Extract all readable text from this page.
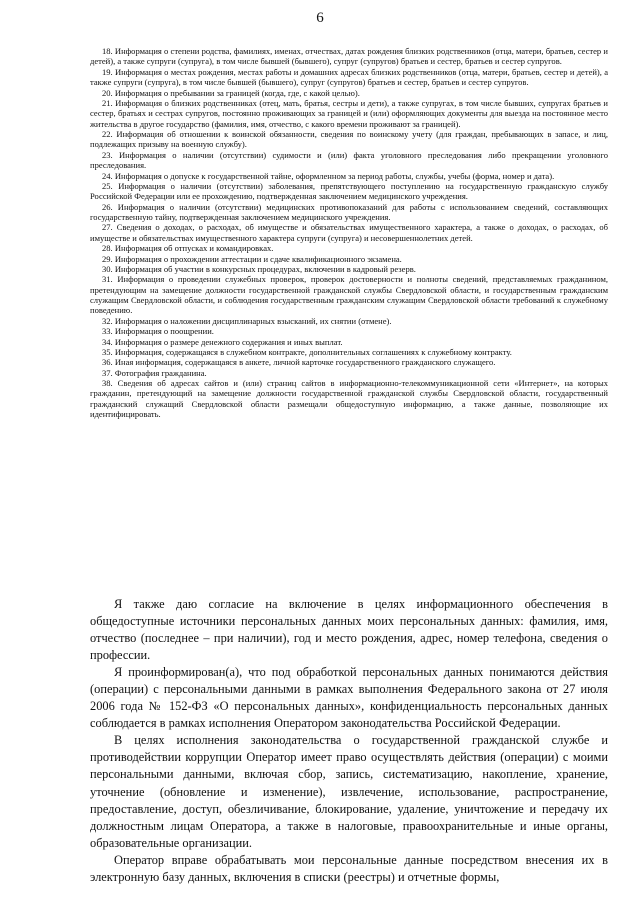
6

18. Информация о степени родства, фамилиях, именах, отчествах, датах рождения близких родственников (отца, матери, братьев, сестер и детей), а также супруги (супруга), в том числе бывшей (бывшего), супруг (супругов) братьев и сестер, братьев и сестер супругов.

19. Информация о местах рождения, местах работы и домашних адресах близких родственников (отца, матери, братьев, сестер и детей), а также супруги (супруга), в том числе бывшей (бывшего), супруг (супругов) братьев и сестер, братьев и сестер супругов.

20. Информация о пребывании за границей (когда, где, с какой целью).

21. Информация о близких родственниках (отец, мать, братья, сестры и дети), а также супругах, в том числе бывших, супругах братьев и сестер, братьях и сестрах супругов, постоянно проживающих за границей и (или) оформляющих документы для выезда на постоянное место жительства в другое государство (фамилия, имя, отчество, с какого времени проживают за границей).

22. Информация об отношении к воинской обязанности, сведения по воинскому учету (для граждан, пребывающих в запасе, и лиц, подлежащих призыву на военную службу).

23. Информация о наличии (отсутствии) судимости и (или) факта уголовного преследования либо прекращении уголовного преследования.

24. Информация о допуске к государственной тайне, оформленном за период работы, службы, учебы (форма, номер и дата).

25. Информация о наличии (отсутствии) заболевания, препятствующего поступлению на государственную гражданскую службу Российской Федерации или ее прохождению, подтвержденная заключением медицинского учреждения.

26. Информация о наличии (отсутствии) медицинских противопоказаний для работы с использованием сведений, составляющих государственную тайну, подтвержденная заключением медицинского учреждения.

27. Сведения о доходах, о расходах, об имуществе и обязательствах имущественного характера, а также о доходах, о расходах, об имуществе и обязательствах имущественного характера супруги (супруга) и несовершеннолетних детей.

28. Информация об отпусках и командировках.

29. Информация о прохождении аттестации и сдаче квалификационного экзамена.

30. Информация об участии в конкурсных процедурах, включении в кадровый резерв.

31. Информация о проведении служебных проверок, проверок достоверности и полноты сведений, представляемых гражданином, претендующим на замещение должности государственной гражданской службы Свердловской области, и государственным гражданским служащим Свердловской области, и соблюдения государственным гражданским служащим Свердловской области требований к служебному поведению.

32. Информация о наложении дисциплинарных взысканий, их снятии (отмене).

33. Информация о поощрении.

34. Информация о размере денежного содержания и иных выплат.

35. Информация, содержащаяся в служебном контракте, дополнительных соглашениях к служебному контракту.

36. Иная информация, содержащаяся в анкете, личной карточке государственного гражданского служащего.

37. Фотография гражданина.

38. Сведения об адресах сайтов и (или) страниц сайтов в информационно-телекоммуникационной сети «Интернет», на которых гражданин, претендующий на замещение должности государственной гражданской службы Свердловской области, государственный гражданский служащий Свердловской области размещали общедоступную информацию, а также данные, позволяющие их идентифицировать.

Я также даю согласие на включение в целях информационного обеспечения в общедоступные источники персональных данных моих персональных данных: фамилия, имя, отчество (последнее – при наличии), год и место рождения, адрес, номер телефона, сведения о профессии.

Я проинформирован(а), что под обработкой персональных данных понимаются действия (операции) с персональными данными в рамках выполнения Федерального закона от 27 июля 2006 года № 152-ФЗ «О персональных данных», конфиденциальность персональных данных соблюдается в рамках исполнения Оператором законодательства Российской Федерации.

В целях исполнения законодательства о государственной гражданской службе и противодействии коррупции Оператор имеет право осуществлять действия (операции) с моими персональными данными, включая сбор, запись, систематизацию, накопление, хранение, уточнение (обновление и изменение), извлечение, использование, распространение, предоставление, доступ, обезличивание, блокирование, удаление, уничтожение и передачу их должностным лицам Оператора, а также в налоговые, правоохранительные и иные органы, образовательные организации.

Оператор вправе обрабатывать мои персональные данные посредством внесения их в электронную базу данных, включения в списки (реестры) и отчетные формы,
